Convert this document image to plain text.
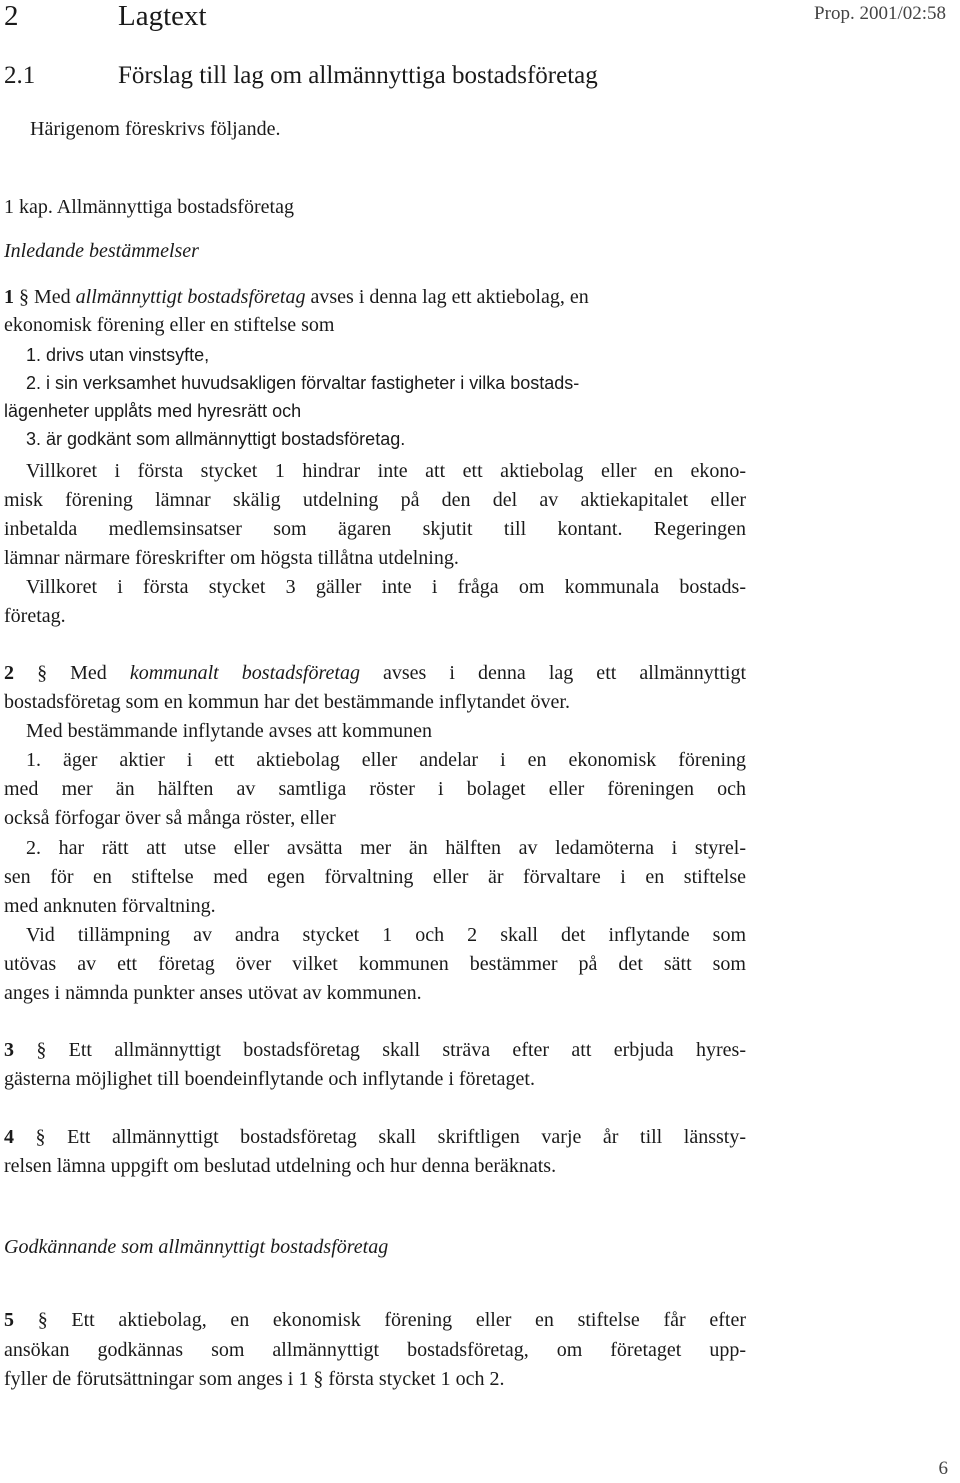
2	Lagtext	Prop. 2001/02:58
2.1	Förslag till lag om allmännyttiga bostadsföretag
Härigenom föreskrivs följande.
1 kap. Allmännyttiga bostadsföretag
Inledande bestämmelser
1 § Med allmännyttigt bostadsföretag avses i denna lag ett aktiebolag, en
ekonomisk förening eller en stiftelse som
1. drivs utan vinstsyfte,
2. i sin verksamhet huvudsakligen förvaltar fastigheter i vilka bostads-
lägenheter upplåts med hyresrätt och
3. är godkänt som allmännyttigt bostadsföretag.
Villkoret i första stycket 1 hindrar inte att ett aktiebolag eller en ekono-
misk förening lämnar skälig utdelning på den del av aktiekapitalet eller
inbetalda medlemsinsatser som ägaren skjutit till kontant. Regeringen
lämnar närmare föreskrifter om högsta tillåtna utdelning.
Villkoret i första stycket 3 gäller inte i fråga om kommunala bostads-
företag.
2 § Med kommunalt bostadsföretag avses i denna lag ett allmännyttigt
bostadsföretag som en kommun har det bestämmande inflytandet över.
Med bestämmande inflytande avses att kommunen
1. äger aktier i ett aktiebolag eller andelar i en ekonomisk förening
med mer än hälften av samtliga röster i bolaget eller föreningen och
också förfogar över så många röster, eller
2. har rätt att utse eller avsätta mer än hälften av ledamöterna i styrel-
sen för en stiftelse med egen förvaltning eller är förvaltare i en stiftelse
med anknuten förvaltning.
Vid tillämpning av andra stycket 1 och 2 skall det inflytande som
utövas av ett företag över vilket kommunen bestämmer på det sätt som
anges i nämnda punkter anses utövat av kommunen.
3 § Ett allmännyttigt bostadsföretag skall sträva efter att erbjuda hyres-
gästerna möjlighet till boendeinflytande och inflytande i företaget.
4 § Ett allmännyttigt bostadsföretag skall skriftligen varje år till länssty-
relsen lämna uppgift om beslutad utdelning och hur denna beräknats.
Godkännande som allmännyttigt bostadsföretag
5 § Ett aktiebolag, en ekonomisk förening eller en stiftelse får efter
ansökan godkännas som allmännyttigt bostadsföretag, om företaget upp-
fyller de förutsättningar som anges i 1 § första stycket 1 och 2.
6
